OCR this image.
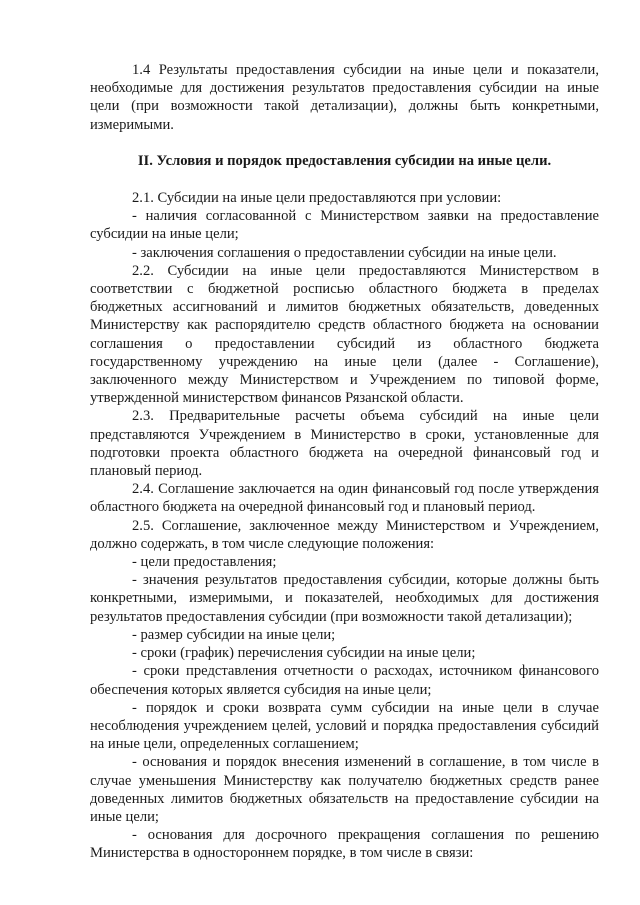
1.4 Результаты предоставления субсидии на иные цели и показатели, необходимые для достижения результатов предоставления субсидии на иные цели (при возможности такой детализации), должны быть конкретными, измеримыми.

II. Условия и порядок предоставления субсидии на иные цели.

2.1. Субсидии на иные цели предоставляются при условии:

- наличия согласованной с Министерством заявки на предоставление субсидии на иные цели;

- заключения соглашения о предоставлении субсидии на иные цели.

2.2. Субсидии на иные цели предоставляются Министерством в соответствии с бюджетной росписью областного бюджета в пределах бюджетных ассигнований и лимитов бюджетных обязательств, доведенных Министерству как распорядителю средств областного бюджета на основании соглашения о предоставлении субсидий из областного бюджета государственному учреждению на иные цели (далее - Соглашение), заключенного между Министерством и Учреждением по типовой форме, утвержденной министерством финансов Рязанской области.

2.3. Предварительные расчеты объема субсидий на иные цели представляются Учреждением в Министерство в сроки, установленные для подготовки проекта областного бюджета на очередной финансовый год и плановый период.

2.4. Соглашение заключается на один финансовый год после утверждения областного бюджета на очередной финансовый год и плановый период.

2.5. Соглашение, заключенное между Министерством и Учреждением, должно содержать, в том числе следующие положения:

- цели предоставления;

- значения результатов предоставления субсидии, которые должны быть конкретными, измеримыми, и показателей, необходимых для достижения результатов предоставления субсидии (при возможности такой детализации);

- размер субсидии на иные цели;

- сроки (график) перечисления субсидии на иные цели;

- сроки представления отчетности о расходах, источником финансового обеспечения которых является субсидия на иные цели;

- порядок и сроки возврата сумм субсидии на иные цели в случае несоблюдения учреждением целей, условий и порядка предоставления субсидий на иные цели, определенных соглашением;

- основания и порядок внесения изменений в соглашение, в том числе в случае уменьшения Министерству как получателю бюджетных средств ранее доведенных лимитов бюджетных обязательств на предоставление субсидии на иные цели;

- основания для досрочного прекращения соглашения по решению Министерства в одностороннем порядке, в том числе в связи:
